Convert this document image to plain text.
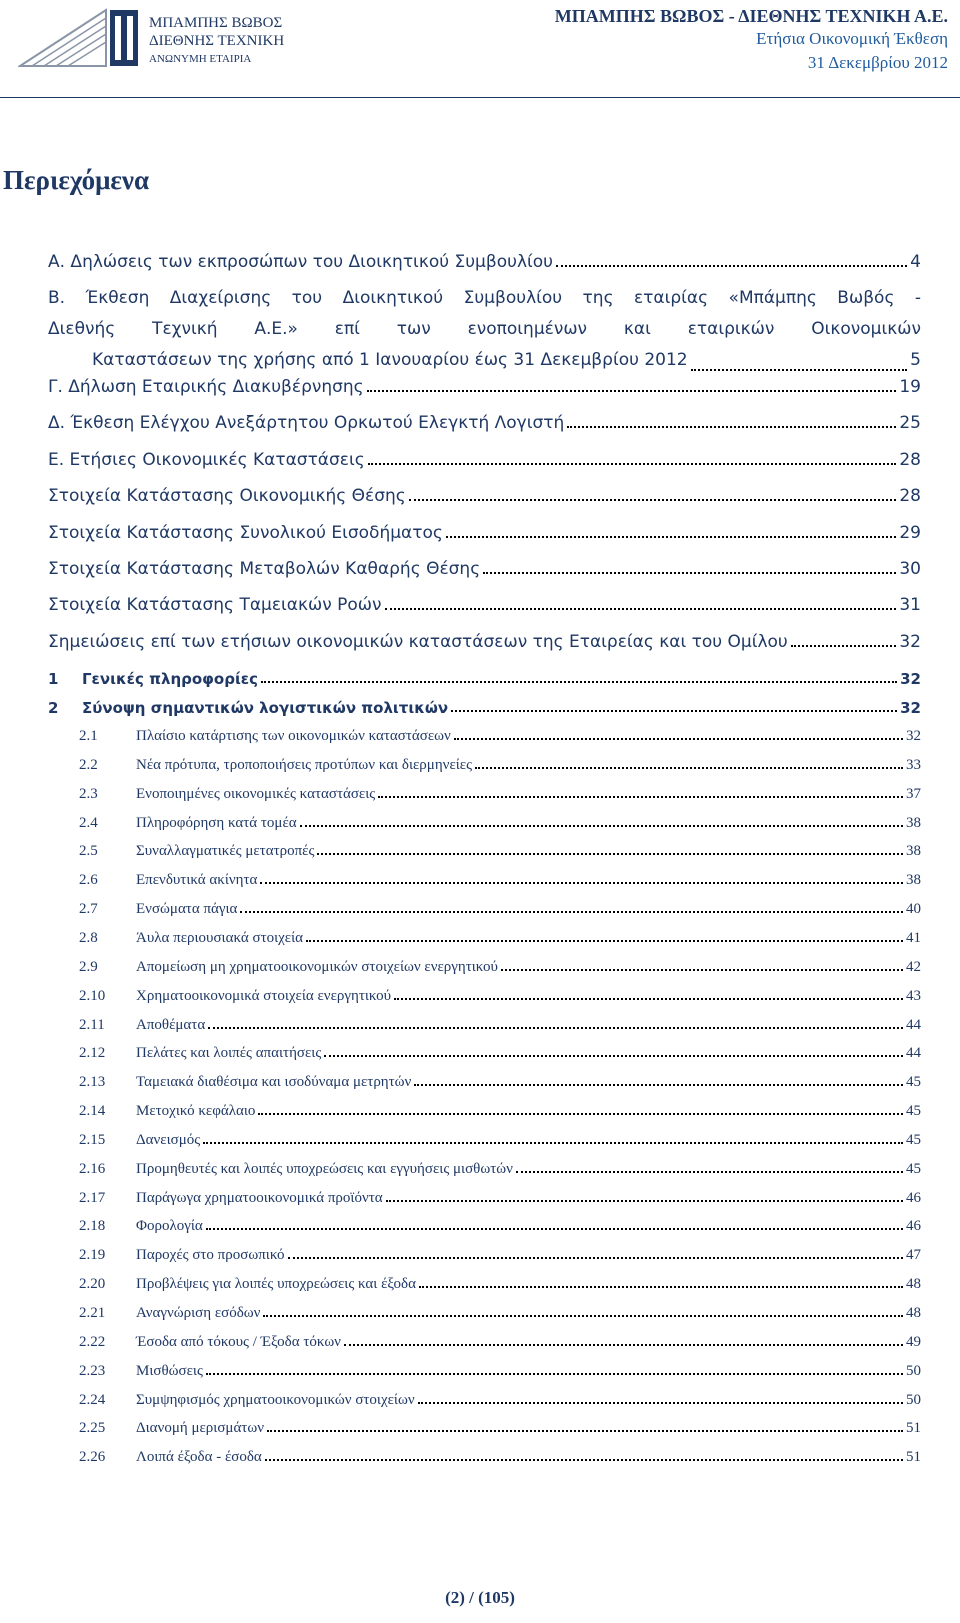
ΜΠΑΜΠΗΣ ΒΩΒΟΣ
ΔΙΕΘΝΗΣ ΤΕΧΝΙΚΗ
ΑΝΩΝΥΜΗ ΕΤΑΙΡΙΑ
ΜΠΑΜΠΗΣ ΒΩΒΟΣ - ΔΙΕΘΝΗΣ ΤΕΧΝΙΚΗ Α.Ε.
Ετήσια Οικονομική Έκθεση
31 Δεκεμβρίου 2012
Περιεχόμενα
Α. Δηλώσεις των εκπροσώπων του Διοικητικού Συμβουλίου	4
Β. Έκθεση Διαχείρισης του Διοικητικού Συμβουλίου της εταιρίας «Μπάμπης Βωβός -
Διεθνής Τεχνική Α.Ε.» επί των ενοποιημένων και εταιρικών Οικονομικών
Καταστάσεων της χρήσης από 1 Ιανουαρίου έως 31 Δεκεμβρίου 2012	5
Γ. Δήλωση Εταιρικής Διακυβέρνησης	19
Δ. Έκθεση Ελέγχου Ανεξάρτητου Ορκωτού Ελεγκτή Λογιστή	25
Ε. Ετήσιες Οικονομικές Καταστάσεις	28
Στοιχεία Κατάστασης Οικονομικής Θέσης	28
Στοιχεία Κατάστασης Συνολικού Εισοδήματος	29
Στοιχεία Κατάστασης Μεταβολών Καθαρής Θέσης	30
Στοιχεία Κατάστασης Ταμειακών Ροών	31
Σημειώσεις επί των ετήσιων οικονομικών καταστάσεων της Εταιρείας και του Ομίλου	32
1 Γενικές πληροφορίες	32
2 Σύνοψη σημαντικών λογιστικών πολιτικών	32
2.1	Πλαίσιο κατάρτισης των οικονομικών καταστάσεων	32
2.2	Νέα πρότυπα, τροποποιήσεις προτύπων και διερμηνείες	33
2.3	Ενοποιημένες οικονομικές καταστάσεις	37
2.4	Πληροφόρηση κατά τομέα	38
2.5	Συναλλαγματικές μετατροπές	38
2.6	Επενδυτικά ακίνητα	38
2.7	Ενσώματα πάγια	40
2.8	Άυλα περιουσιακά στοιχεία	41
2.9	Απομείωση μη χρηματοοικονομικών στοιχείων ενεργητικού	42
2.10 Χρηματοοικονομικά στοιχεία ενεργητικού	43
2.11 Αποθέματα	44
2.12 Πελάτες και λοιπές απαιτήσεις	44
2.13 Ταμειακά διαθέσιμα και ισοδύναμα μετρητών	45
2.14 Μετοχικό κεφάλαιο	45
2.15 Δανεισμός	45
2.16 Προμηθευτές και λοιπές υποχρεώσεις και εγγυήσεις μισθωτών	45
2.17 Παράγωγα χρηματοοικονομικά προϊόντα	46
2.18 Φορολογία	46
2.19 Παροχές στο προσωπικό	47
2.20 Προβλέψεις για λοιπές υποχρεώσεις και έξοδα	48
2.21 Αναγνώριση εσόδων	48
2.22 Έσοδα από τόκους / Έξοδα τόκων	49
2.23 Μισθώσεις	50
2.24 Συμψηφισμός χρηματοοικονομικών στοιχείων	50
2.25 Διανομή μερισμάτων	51
2.26 Λοιπά έξοδα - έσοδα	51
(2) / (105)
